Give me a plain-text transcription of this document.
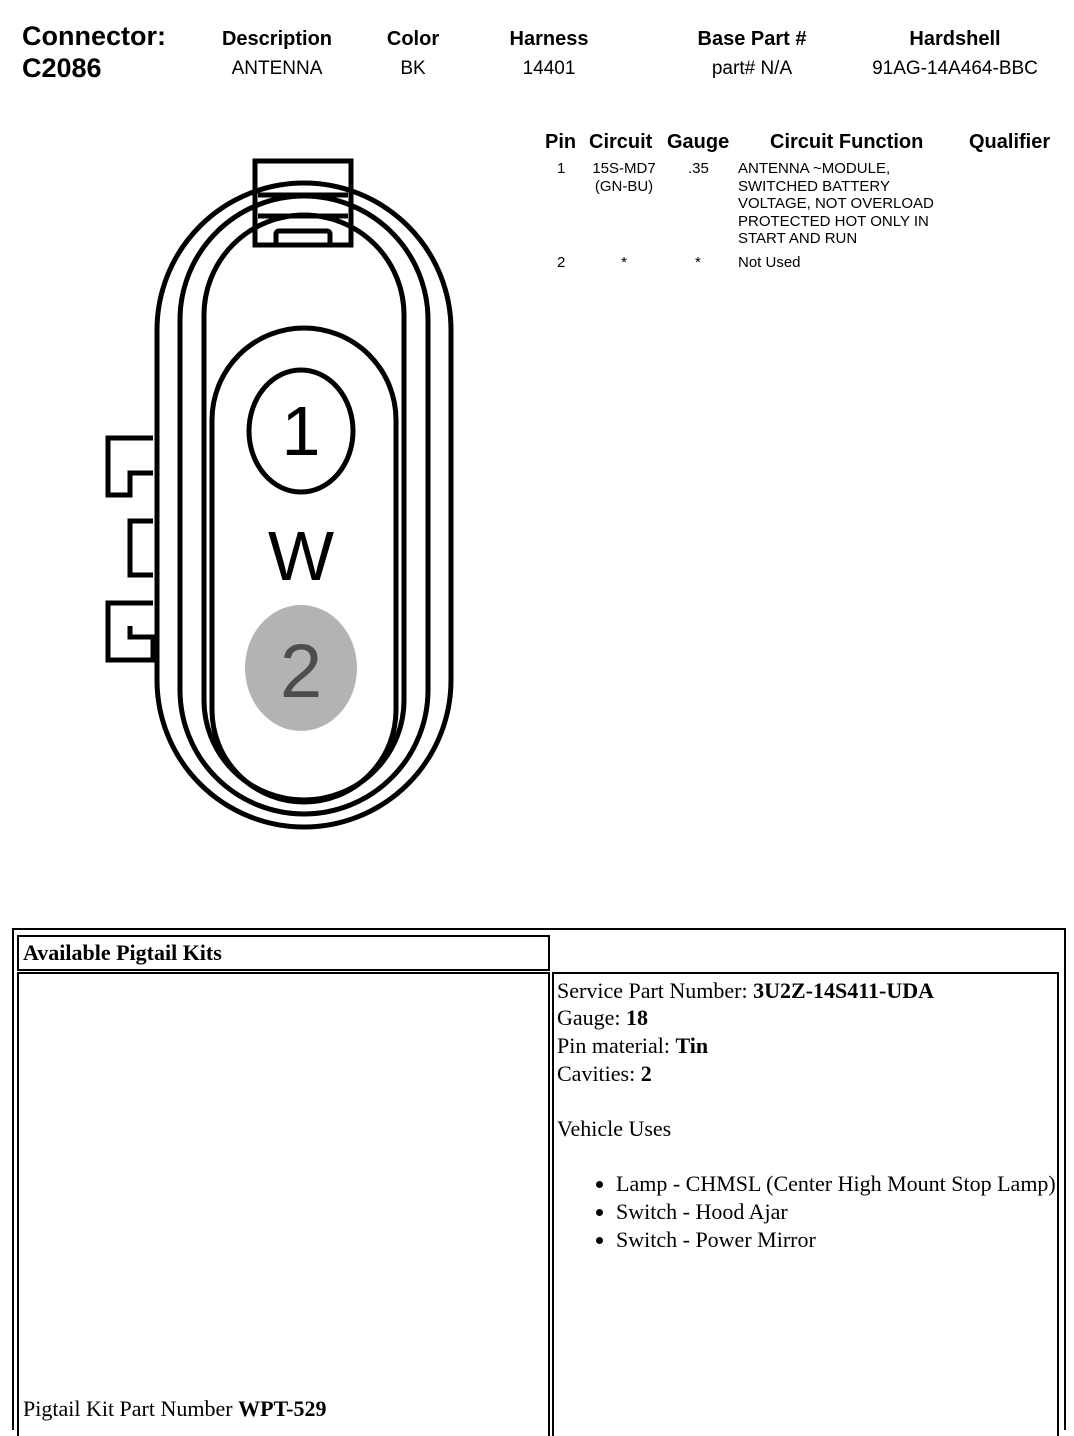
Connector:
C2086
Description
ANTENNA
Color
BK
Harness
14401
Base Part #
part# N/A
Hardshell
91AG-14A464-BBC
Pin Circuit Gauge Circuit Function Qualifier
1 15S-MD7
(GN-BU)
.35 ANTENNA ~MODULE,
SWITCHED BATTERY
VOLTAGE, NOT OVERLOAD
PROTECTED HOT ONLY IN
START AND RUN
2	*	* Not Used
1
W
2
Available Pigtail Kits
Pigtail Kit Part Number WPT-529
Service Part Number: 3U2Z-14S411-UDA
Gauge: 18
Pin material: Tin
Cavities: 2
Vehicle Uses
• Lamp - CHMSL (Center High Mount Stop Lamp)
• Switch - Hood Ajar
• Switch - Power Mirror
